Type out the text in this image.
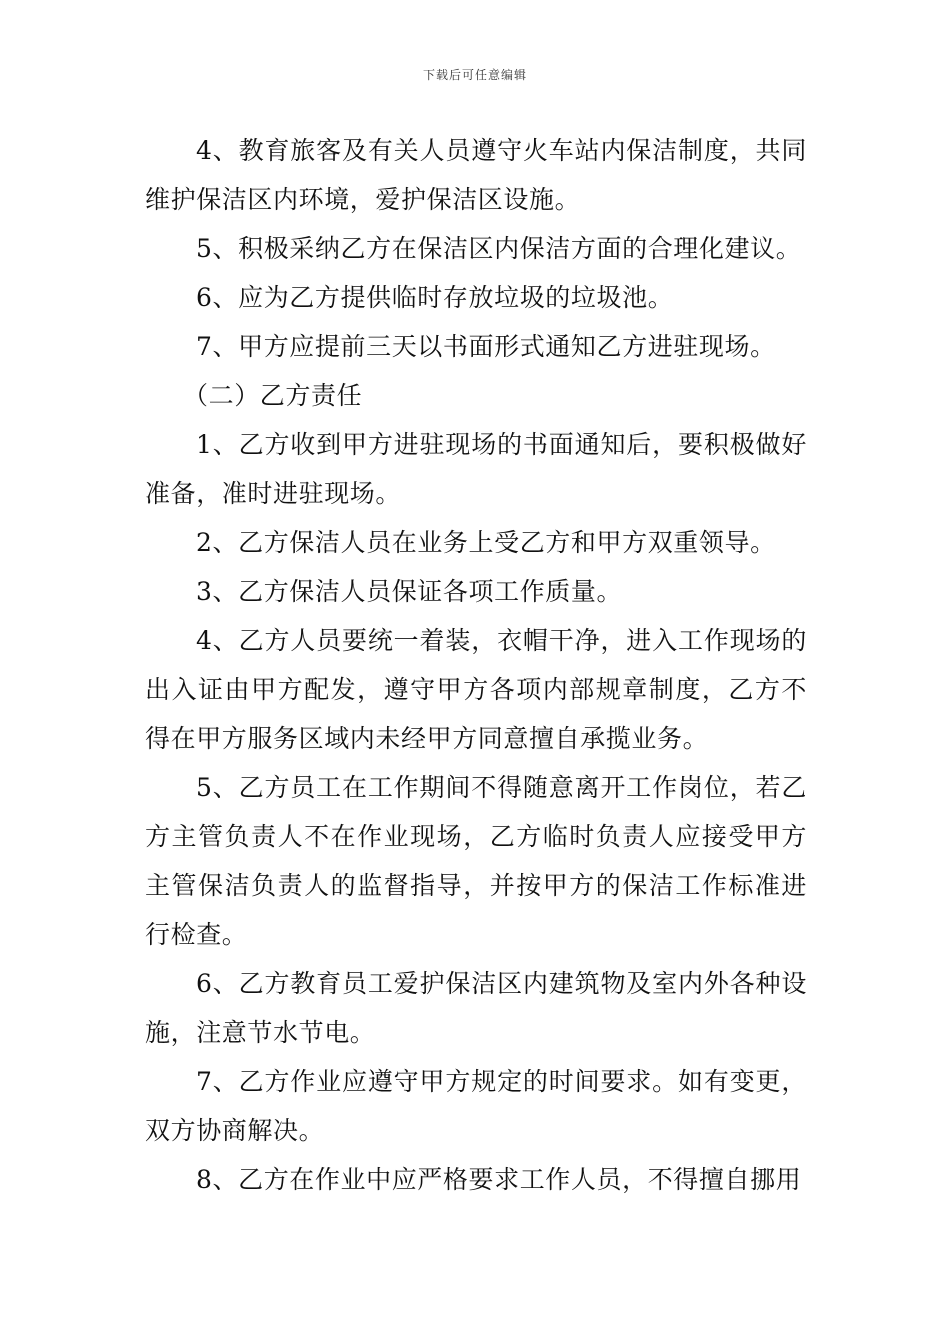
下载后可任意编辑

4、教育旅客及有关人员遵守火车站内保洁制度，共同维护保洁区内环境，爱护保洁区设施。

5、积极采纳乙方在保洁区内保洁方面的合理化建议。

6、应为乙方提供临时存放垃圾的垃圾池。

7、甲方应提前三天以书面形式通知乙方进驻现场。

（二）乙方责任

1、乙方收到甲方进驻现场的书面通知后，要积极做好准备，准时进驻现场。

2、乙方保洁人员在业务上受乙方和甲方双重领导。

3、乙方保洁人员保证各项工作质量。

4、乙方人员要统一着装，衣帽干净，进入工作现场的出入证由甲方配发，遵守甲方各项内部规章制度，乙方不得在甲方服务区域内未经甲方同意擅自承揽业务。

5、乙方员工在工作期间不得随意离开工作岗位，若乙方主管负责人不在作业现场，乙方临时负责人应接受甲方主管保洁负责人的监督指导，并按甲方的保洁工作标准进行检查。

6、乙方教育员工爱护保洁区内建筑物及室内外各种设施，注意节水节电。

7、乙方作业应遵守甲方规定的时间要求。如有变更，双方协商解决。

8、乙方在作业中应严格要求工作人员，不得擅自挪用
